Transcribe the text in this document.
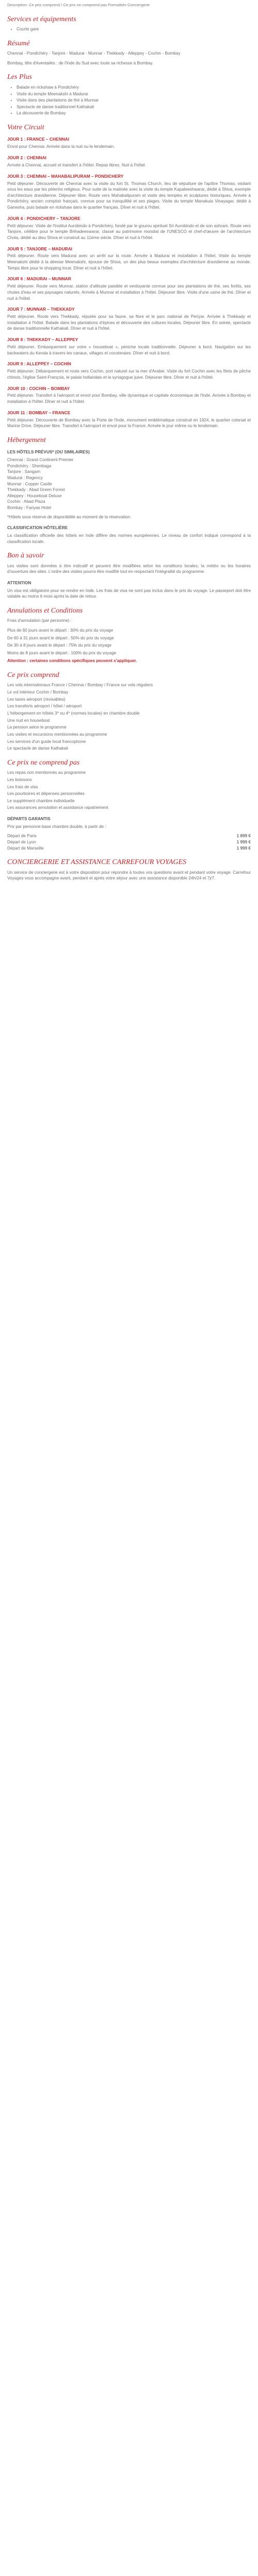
Description: Ce prix comprend / Ce prix ne comprend pas Formalités Conciergerie

Services et équipements
• Courte gare
Résumé

Chennai - Pondichéry - Tanjore - Madurai - Munnar - Thekkady - Alleppey - Cochin - Bombay

Bombay, tête d'éventailes : de l'Inde du Sud avec toute sa richesse à Bombay.

Les Plus
• Balade en rickshaw à Pondichéry
• Visite du temple Meenakshi à Madurai
• Visite dans des plantations de thé à Munnar
• Spectacle de danse traditionnel Kathakali
• La découverte de Bombay
Votre Circuit
JOUR 1 : FRANCE – CHENNAI

Envol pour Chennai. Arrivée dans la nuit ou le lendemain.

JOUR 2 : CHENNAI

Arrivée à Chennai, accueil et transfert à l'hôtel. Repas libres. Nuit à l'hôtel.

JOUR 3 : CHENNAI – MAHABALIPURAM – PONDICHERY

Petit déjeuner. Découverte de Chennai avec la visite du fort St. Thomas Church, lieu de sépulture de l'apôtre Thomas, visitant sous les eaux par les pèlerins religieux. Pour suite de la matinée avec la visite du temple Kapaleeshwarar, dédié à Shiva, exemple d'architecture dravidienne. Déjeuner libre. Route vers Mahabalipuram et visite des temples et sculptures historiques. Arrivée à Pondichéry, ancien comptoir français, connue pour sa tranquillité et ses plages. Visite du temple Manakula Vinayagar, dédié à Ganesha, puis balade en rickshaw dans le quartier français. Dîner et nuit à l'hôtel.

JOUR 4 : PONDICHERY – TANJORE

Petit déjeuner. Visite de l'Institut Aurobindo à Pondichéry, fondé par le gourou spirituel Sri Aurobindo et de son ashram. Route vers Tanjore, célèbre pour le temple Brihadeeswarar, classé au patrimoine mondial de l'UNESCO et chef-d'œuvre de l'architecture Chola, dédié au dieu Shiva et construit au 11ème siècle. Dîner et nuit à l'hôtel.

JOUR 5 : TANJORE – MADURAI

Petit déjeuner. Route vers Madurai avec un arrêt sur la route. Arrivée à Madurai et installation à l'hôtel. Visite du temple Meenakshi dédié à la déesse Meenakshi, épouse de Shiva, un des plus beaux exemples d'architecture dravidienne au monde. Temps libre pour le shopping local. Dîner et nuit à l'hôtel.

JOUR 6 : MADURAI – MUNNAR

Petit déjeuner. Route vers Munnar, station d'altitude paisible et verdoyante connue pour ses plantations de thé, ses forêts, ses chutes d'eau et ses paysages naturels. Arrivée à Munnar et installation à l'hôtel. Déjeuner libre. Visite d'une usine de thé. Dîner et nuit à l'hôtel.

JOUR 7 : MUNNAR – THEKKADY

Petit déjeuner. Route vers Thekkady, réputée pour sa faune, sa flore et le parc national de Periyar. Arrivée à Thekkady et installation à l'hôtel. Balade dans les plantations d'épices et découverte des cultures locales. Déjeuner libre. En soirée, spectacle de danse traditionnelle Kathakali. Dîner et nuit à l'hôtel.

JOUR 8 : THEKKADY – ALLEPPEY

Petit déjeuner. Embarquement sur votre « houseboat », péniche locale traditionnelle. Déjeuner à bord. Navigation sur les backwaters du Kerala à travers les canaux, villages et cocoteraies. Dîner et nuit à bord.

JOUR 9 : ALLEPPEY – COCHIN

Petit déjeuner. Débarquement et route vers Cochin, port naturel sur la mer d'Arabie. Visite du fort Cochin avec les filets de pêche chinois, l'église Saint-François, le palais hollandais et la synagogue juive. Déjeuner libre. Dîner et nuit à l'hôtel.

JOUR 10 : COCHIN – BOMBAY

Petit déjeuner. Transfert à l'aéroport et envol pour Bombay, ville dynamique et capitale économique de l'Inde. Arrivée à Bombay et installation à l'hôtel. Dîner et nuit à l'hôtel.

JOUR 11 : BOMBAY – FRANCE

Petit déjeuner. Découverte de Bombay avec la Porte de l'Inde, monument emblématique construit en 1924, le quartier colonial et Marine Drive. Déjeuner libre. Transfert à l'aéroport et envol pour la France. Arrivée le jour même ou le lendemain.

Hébergement
LES HÔTELS PRÉVUS* (OU SIMILAIRES)

Chennai : Grand Continent Premier

Pondichéry : Shenbaga

Tanjore : Sangam

Madurai : Regency

Munnar : Copper Castle

Thekkady : Abad Green Forest

Alleppey : Houseboat Deluxe

Cochin : Abad Plaza

Bombay : Fariyas Hotel

*Hôtels sous réserve de disponibilité au moment de la réservation.

CLASSIFICATION HÔTELIÈRE

La classification officielle des hôtels en Inde diffère des normes européennes. Le niveau de confort indiqué correspond à la classification locale.

Bon à savoir

Les visites sont données à titre indicatif et peuvent être modifiées selon les conditions locales, la météo ou les horaires d'ouverture des sites. L'ordre des visites pourra être modifié tout en respectant l'intégralité du programme.

ATTENTION

Un visa est obligatoire pour se rendre en Inde. Les frais de visa ne sont pas inclus dans le prix du voyage. Le passeport doit être valable au moins 6 mois après la date de retour.

Annulations et Conditions

Frais d'annulation (par personne) :

Plus de 60 jours avant le départ : 30% du prix du voyage

De 60 à 31 jours avant le départ : 50% du prix du voyage

De 30 à 8 jours avant le départ : 75% du prix du voyage

Moins de 8 jours avant le départ : 100% du prix du voyage

Attention : certaines conditions spécifiques peuvent s'appliquer.

Ce prix comprend

Les vols internationaux France / Chennai / Bombay / France sur vols réguliers

Le vol intérieur Cochin / Bombay

Les taxes aéroport (révisables)

Les transferts aéroport / hôtel / aéroport

L'hébergement en hôtels 3* ou 4* (normes locales) en chambre double

Une nuit en houseboat

La pension selon le programme

Les visites et excursions mentionnées au programme

Les services d'un guide local francophone

Le spectacle de danse Kathakali

Ce prix ne comprend pas

Les repas non mentionnés au programme

Les boissons

Les frais de visa

Les pourboires et dépenses personnelles

Le supplément chambre individuelle

Les assurances annulation et assistance rapatriement

DÉPARTS GARANTIS

Prix par personne base chambre double, à partir de :

Départ de Paris	1 899 €
Départ de Lyon	1 999 €
Départ de Marseille	1 999 €
CONCIERGERIE ET ASSISTANCE CARREFOUR VOYAGES

Un service de conciergerie est à votre disposition pour répondre à toutes vos questions avant et pendant votre voyage. Carrefour Voyages vous accompagne avant, pendant et après votre séjour avec une assistance disponible 24h/24 et 7j/7.
